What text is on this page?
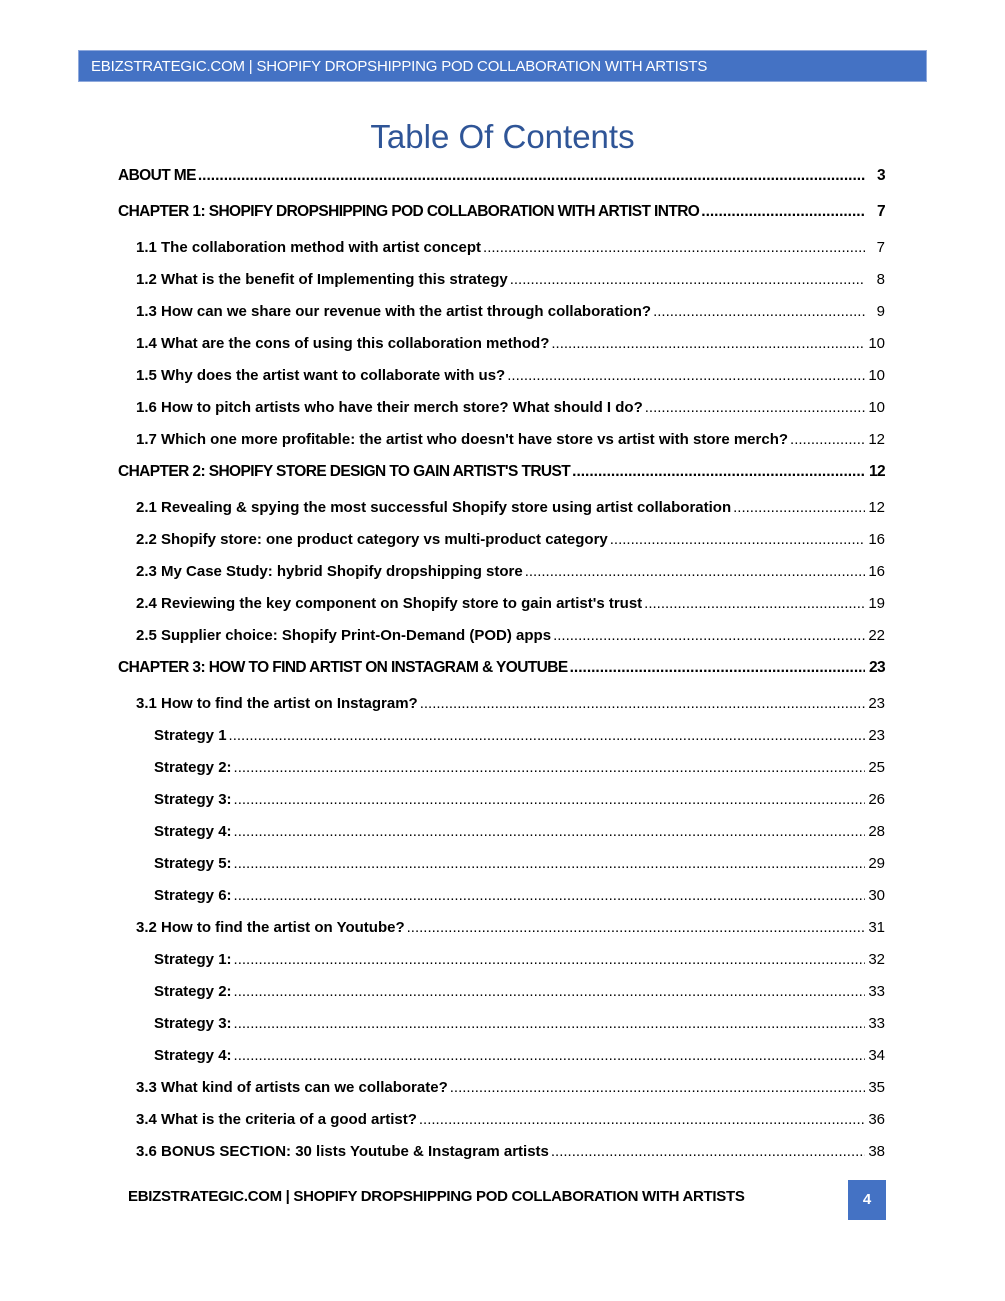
EBIZSTRATEGIC.COM | SHOPIFY DROPSHIPPING POD COLLABORATION WITH ARTISTS
Table Of Contents
ABOUT ME .....	3
CHAPTER 1: SHOPIFY DROPSHIPPING POD COLLABORATION WITH ARTIST INTRO .....	7
1.1 The collaboration method with artist concept .....	7
1.2 What is the benefit of Implementing this strategy .....	8
1.3 How can we share our revenue with the artist through collaboration? .....	9
1.4 What are the cons of using this collaboration method? .....	10
1.5 Why does the artist want to collaborate with us? .....	10
1.6 How to pitch artists who have their merch store? What should I do? .....	10
1.7 Which one more profitable: the artist who doesn't have store vs artist with store merch? .....	12
CHAPTER 2: SHOPIFY STORE DESIGN TO GAIN ARTIST'S TRUST .....	12
2.1 Revealing & spying the most successful Shopify store using artist collaboration .....	12
2.2 Shopify store: one product category vs multi-product category .....	16
2.3 My Case Study: hybrid Shopify dropshipping store .....	16
2.4 Reviewing the key component on Shopify store to gain artist's trust .....	19
2.5 Supplier choice: Shopify Print-On-Demand (POD) apps .....	22
CHAPTER 3: HOW TO FIND ARTIST ON INSTAGRAM & YOUTUBE .....	23
3.1 How to find the artist on Instagram? .....	23
Strategy 1 .....	23
Strategy 2: .....	25
Strategy 3: .....	26
Strategy 4: .....	28
Strategy 5: .....	29
Strategy 6: .....	30
3.2 How to find the artist on Youtube? .....	31
Strategy 1: .....	32
Strategy 2: .....	33
Strategy 3: .....	33
Strategy 4: .....	34
3.3 What kind of artists can we collaborate? .....	35
3.4 What is the criteria of a good artist? .....	36
3.6 BONUS SECTION: 30 lists Youtube & Instagram artists .....	38
EBIZSTRATEGIC.COM | SHOPIFY DROPSHIPPING POD COLLABORATION WITH ARTISTS	4
